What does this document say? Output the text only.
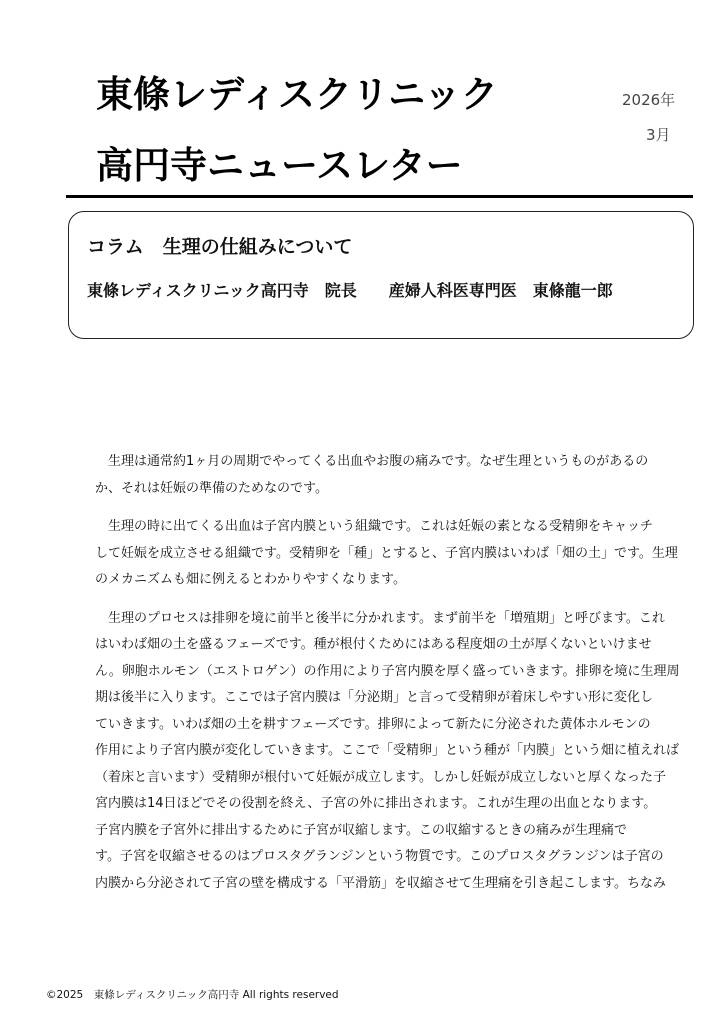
東條レディスクリニック
高円寺ニュースレター
2026年
3月
コラム　生理の仕組みについて
東條レディスクリニック高円寺　院長　　産婦人科医専門医　東條龍一郎
　生理は通常約1ヶ月の周期でやってくる出血やお腹の痛みです。なぜ生理というものがあるの
か、それは妊娠の準備のためなのです。
　生理の時に出てくる出血は子宮内膜という組織です。これは妊娠の素となる受精卵をキャッチ
して妊娠を成立させる組織です。受精卵を「種」とすると、子宮内膜はいわば「畑の土」です。生理
のメカニズムも畑に例えるとわかりやすくなります。
　生理のプロセスは排卵を境に前半と後半に分かれます。まず前半を「増殖期」と呼びます。これ
はいわば畑の土を盛るフェーズです。種が根付くためにはある程度畑の土が厚くないといけませ
ん。卵胞ホルモン（エストロゲン）の作用により子宮内膜を厚く盛っていきます。排卵を境に生理周
期は後半に入ります。ここでは子宮内膜は「分泌期」と言って受精卵が着床しやすい形に変化し
ていきます。いわば畑の土を耕すフェーズです。排卵によって新たに分泌された黄体ホルモンの
作用により子宮内膜が変化していきます。ここで「受精卵」という種が「内膜」という畑に植えれば
（着床と言います）受精卵が根付いて妊娠が成立します。しかし妊娠が成立しないと厚くなった子
宮内膜は14日ほどでその役割を終え、子宮の外に排出されます。これが生理の出血となります。
子宮内膜を子宮外に排出するために子宮が収縮します。この収縮するときの痛みが生理痛で
す。子宮を収縮させるのはプロスタグランジンという物質です。このプロスタグランジンは子宮の
内膜から分泌されて子宮の壁を構成する「平滑筋」を収縮させて生理痛を引き起こします。ちなみ
©2025　東條レディスクリニック高円寺 All rights reserved
